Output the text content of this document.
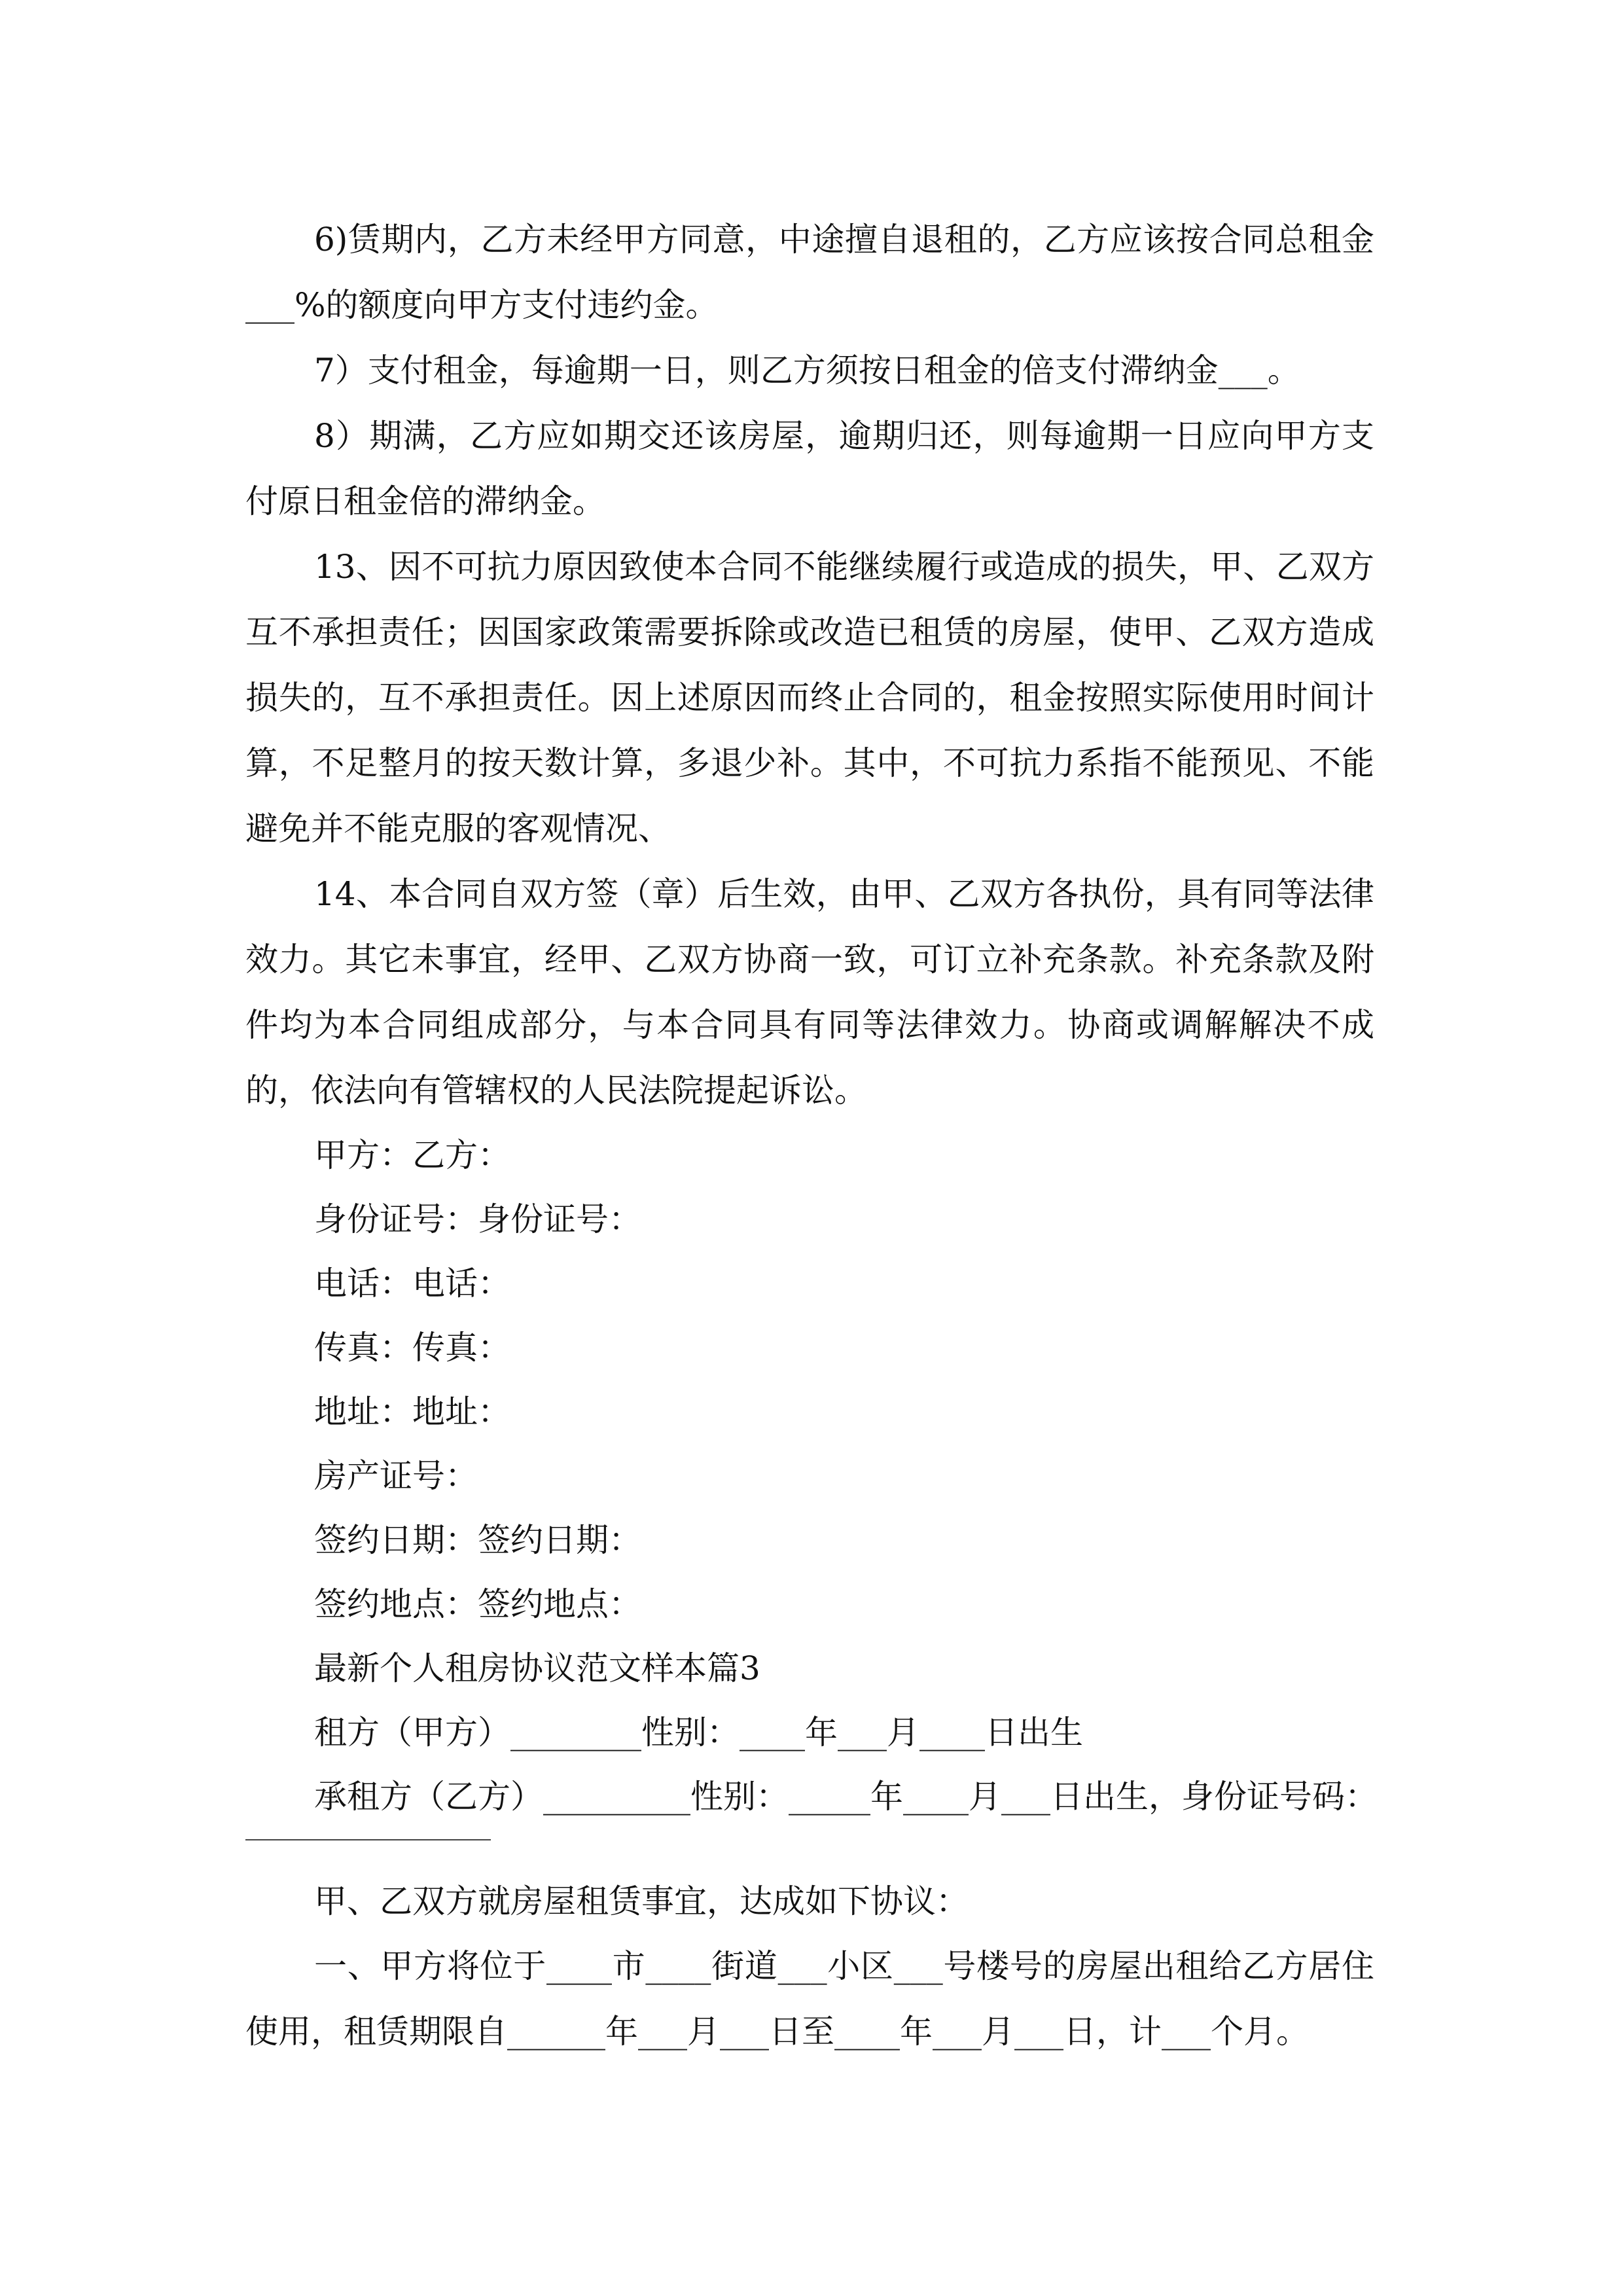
6)赁期内，乙方未经甲方同意，中途擅自退租的，乙方应该按合同总租金___%的额度向甲方支付违约金。

7）支付租金，每逾期一日，则乙方须按日租金的倍支付滞纳金___。

8）期满，乙方应如期交还该房屋，逾期归还，则每逾期一日应向甲方支付原日租金倍的滞纳金。

13、因不可抗力原因致使本合同不能继续履行或造成的损失，甲、乙双方互不承担责任；因国家政策需要拆除或改造已租赁的房屋，使甲、乙双方造成损失的，互不承担责任。因上述原因而终止合同的，租金按照实际使用时间计算，不足整月的按天数计算，多退少补。其中，不可抗力系指不能预见、不能避免并不能克服的客观情况、

14、本合同自双方签（章）后生效，由甲、乙双方各执份，具有同等法律效力。其它未事宜，经甲、乙双方协商一致，可订立补充条款。补充条款及附件均为本合同组成部分，与本合同具有同等法律效力。协商或调解解决不成的，依法向有管辖权的人民法院提起诉讼。

甲方：乙方：

身份证号：身份证号：

电话：电话：

传真：传真：

地址：地址：

房产证号：

签约日期：签约日期：

签约地点：签约地点：

最新个人租房协议范文样本篇3

租方（甲方）________性别：____年___月____日出生

承租方（乙方）_________性别：_____年____月___日出生，身份证号码：

甲、乙双方就房屋租赁事宜，达成如下协议：

一、甲方将位于____市____街道___小区___号楼号的房屋出租给乙方居住使用，租赁期限自______年___月___日至____年___月___日，计___个月。
